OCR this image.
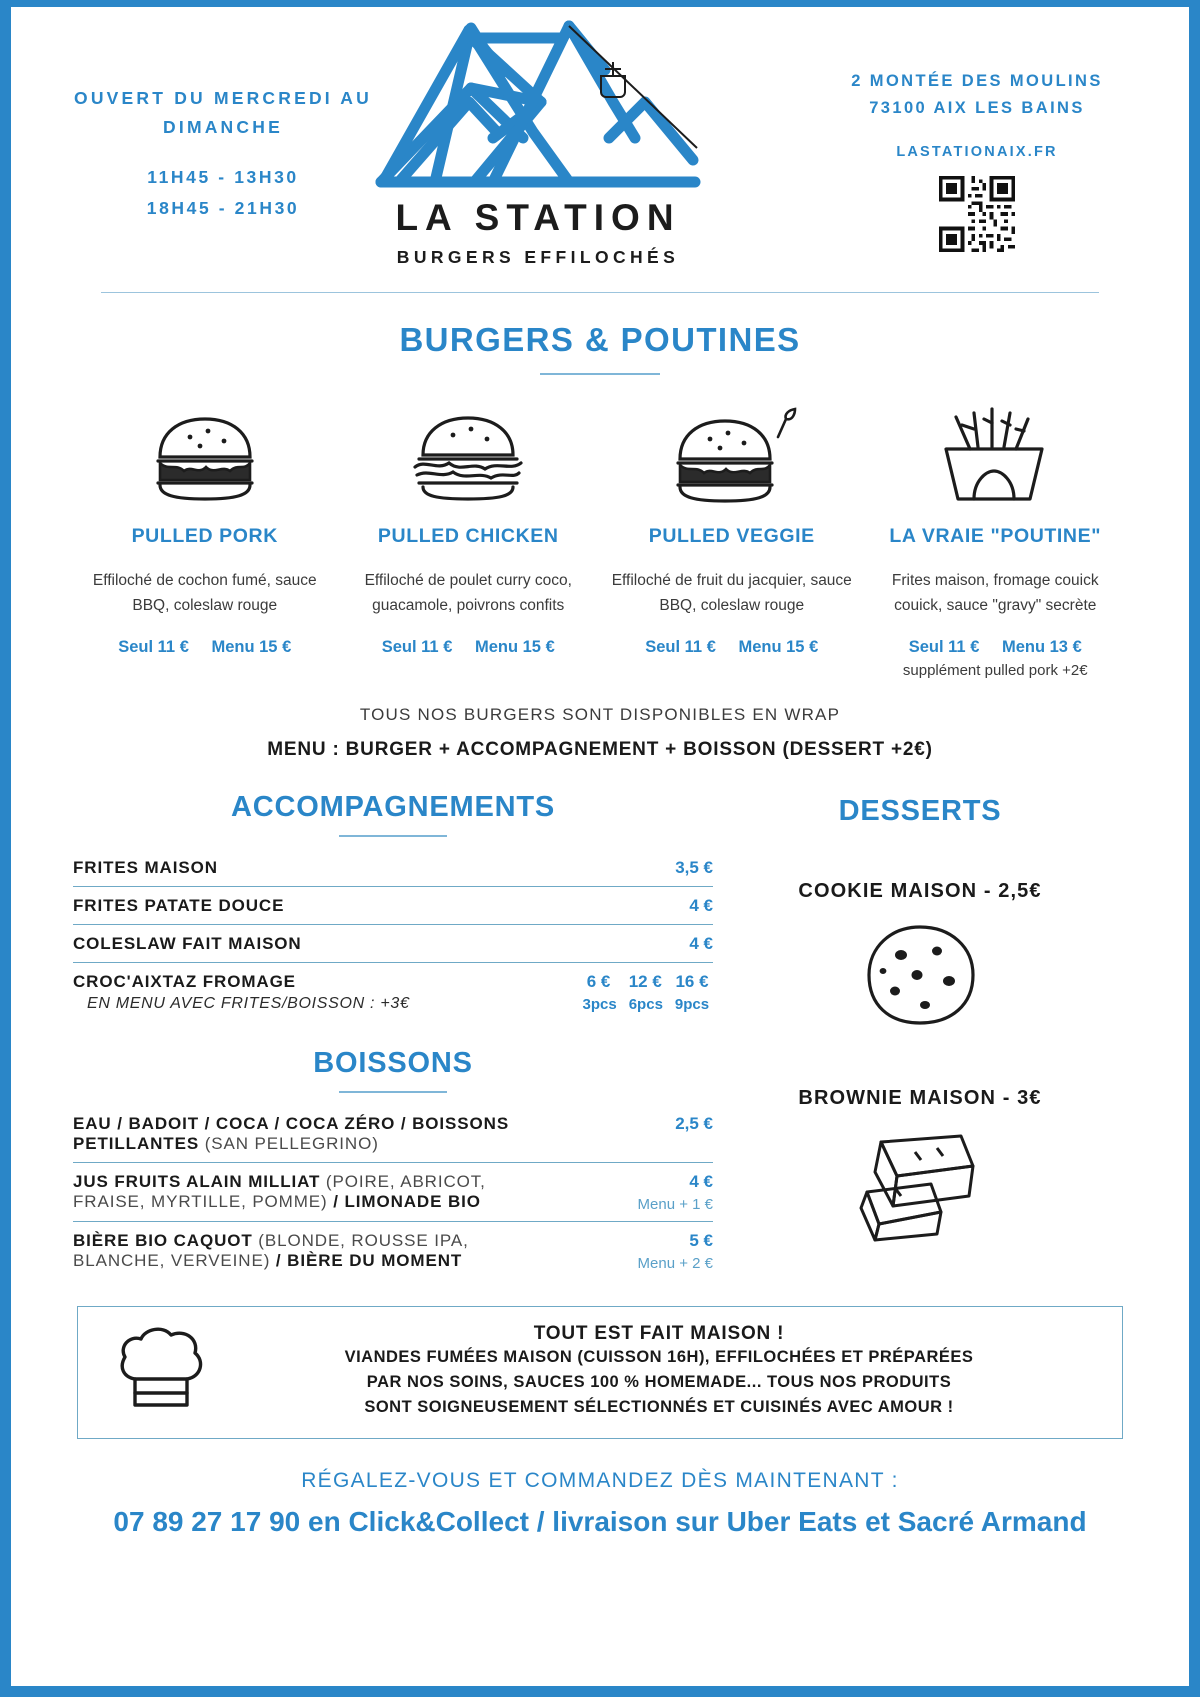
OUVERT DU MERCREDI AU DIMANCHE
11H45 - 13H30
18H45 - 21H30	LA STATION
BURGERS EFFILOCHÉS
2 MONTÉE DES MOULINS
73100 AIX LES BAINS
LASTATIONAIX.FR
BURGERS & POUTINES
PULLED PORK
Effiloché de cochon fumé, sauce BBQ, coleslaw rouge
Seul 11 € Menu 15 €
PULLED CHICKEN
Effiloché de poulet curry coco, guacamole, poivrons confits
Seul 11 € Menu 15 €
PULLED VEGGIE
Effiloché de fruit du jacquier, sauce BBQ, coleslaw rouge
Seul 11 € Menu 15 €
LA VRAIE "POUTINE"
Frites maison, fromage couick couick, sauce "gravy" secrète
Seul 11 € Menu 13 €
supplément pulled pork +2€
TOUS NOS BURGERS SONT DISPONIBLES EN WRAP
MENU : BURGER + ACCOMPAGNEMENT + BOISSON (DESSERT +2€)
ACCOMPAGNEMENTS
FRITES MAISON	3,5 €
FRITES PATATE DOUCE	4 €
COLESLAW FAIT MAISON	4 €
CROC'AIXTAZ FROMAGE
EN MENU AVEC FRITES/BOISSON : +3€	6 € 12 € 16 €
3pcs 6pcs 9pcs
BOISSONS
EAU / BADOIT / COCA / COCA ZÉRO / BOISSONS PETILLANTES (SAN PELLEGRINO)	2,5 €
JUS FRUITS ALAIN MILLIAT (POIRE, ABRICOT, FRAISE, MYRTILLE, POMME) / LIMONADE BIO	4 €
Menu + 1 €

BIÈRE BIO CAQUOT (BLONDE, ROUSSE IPA, BLANCHE, VERVEINE) / BIÈRE DU MOMENT	5 €
Menu + 2 €
DESSERTS
COOKIE MAISON - 2,5€
BROWNIE MAISON - 3€
TOUT EST FAIT MAISON !
VIANDES FUMÉES MAISON (CUISSON 16H), EFFILOCHÉES ET PRÉPARÉES
PAR NOS SOINS, SAUCES 100 % HOMEMADE... TOUS NOS PRODUITS
SONT SOIGNEUSEMENT SÉLECTIONNÉS ET CUISINÉS AVEC AMOUR !
RÉGALEZ-VOUS ET COMMANDEZ DÈS MAINTENANT :
07 89 27 17 90 en Click&Collect / livraison sur Uber Eats et Sacré Armand
